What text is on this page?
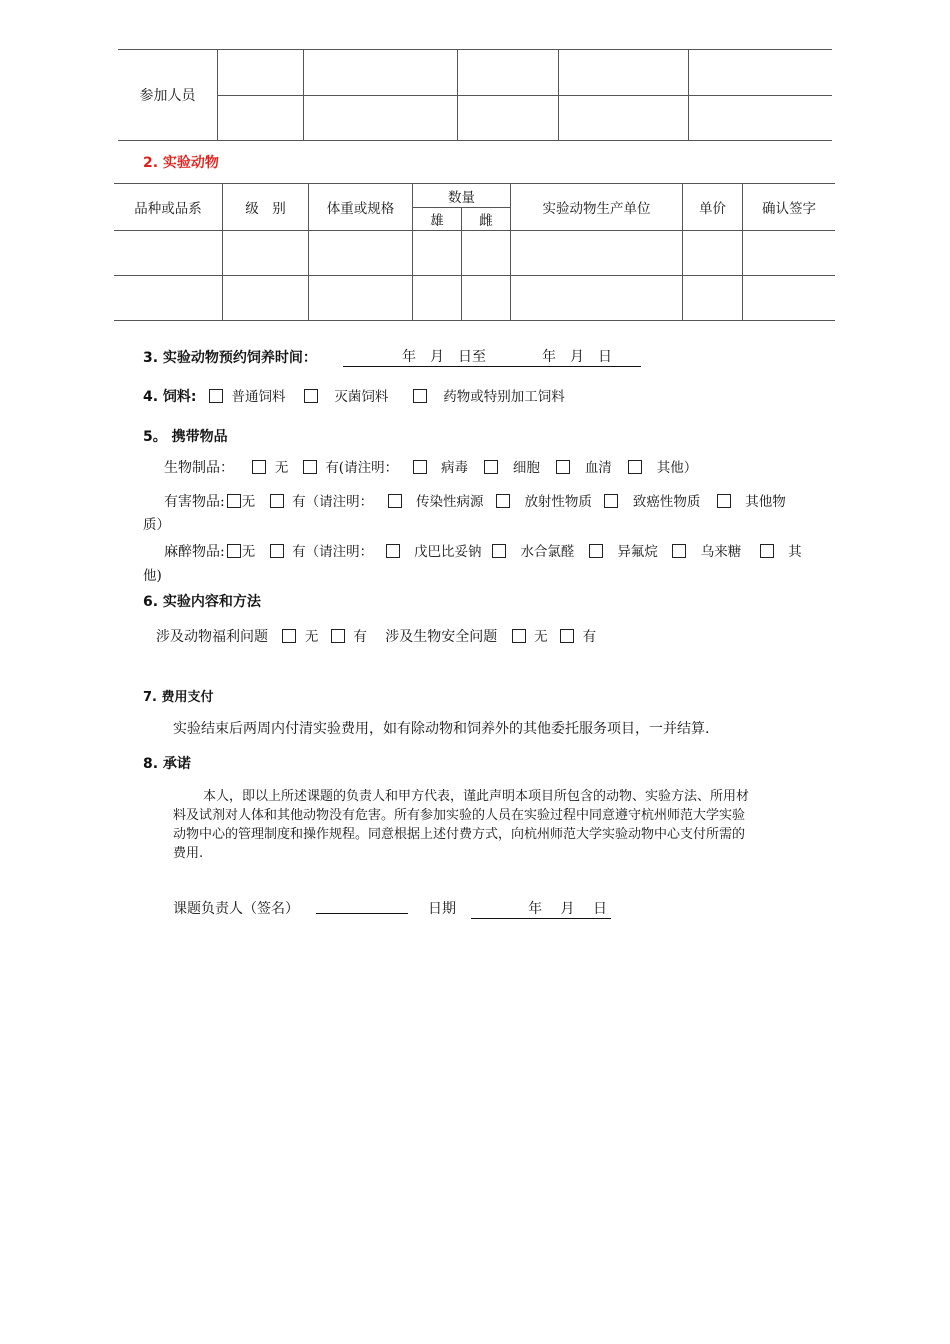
参加人员					

2. 实验动物
品种或品系	级　别	体重或规格	数量		实验动物生产单位	单价	确认签字
			雄	雌			

3. 实验动物预约饲养时间：	年　月　日至　　　　年　月　日
4. 饲料:	普通饲料	灭菌饲料	药物或特别加工饲料
5。 携带物品
生物制品：	无	有(请注明：	病毒	细胞	血清	其他）
有害物品: 无	有（请注明：	传染性病源	放射性物质	致癌性物质	其他物
质）
麻醉物品: 无	有（请注明：	戊巴比妥钠	水合氯醛	异氟烷	乌来糖	其
他)
6. 实验内容和方法
涉及动物福利问题	无	有 涉及生物安全问题	无	有
7. 费用支付
实验结束后两周内付清实验费用，如有除动物和饲养外的其他委托服务项目，一并结算.
8. 承诺
本人，即以上所述课题的负责人和甲方代表，谨此声明本项目所包含的动物、实验方法、所用材
料及试剂对人体和其他动物没有危害。所有参加实验的人员在实验过程中同意遵守杭州师范大学实验
动物中心的管理制度和操作规程。同意根据上述付费方式，向杭州师范大学实验动物中心支付所需的
费用.
课题负责人（签名）	日期	年　 月　 日
